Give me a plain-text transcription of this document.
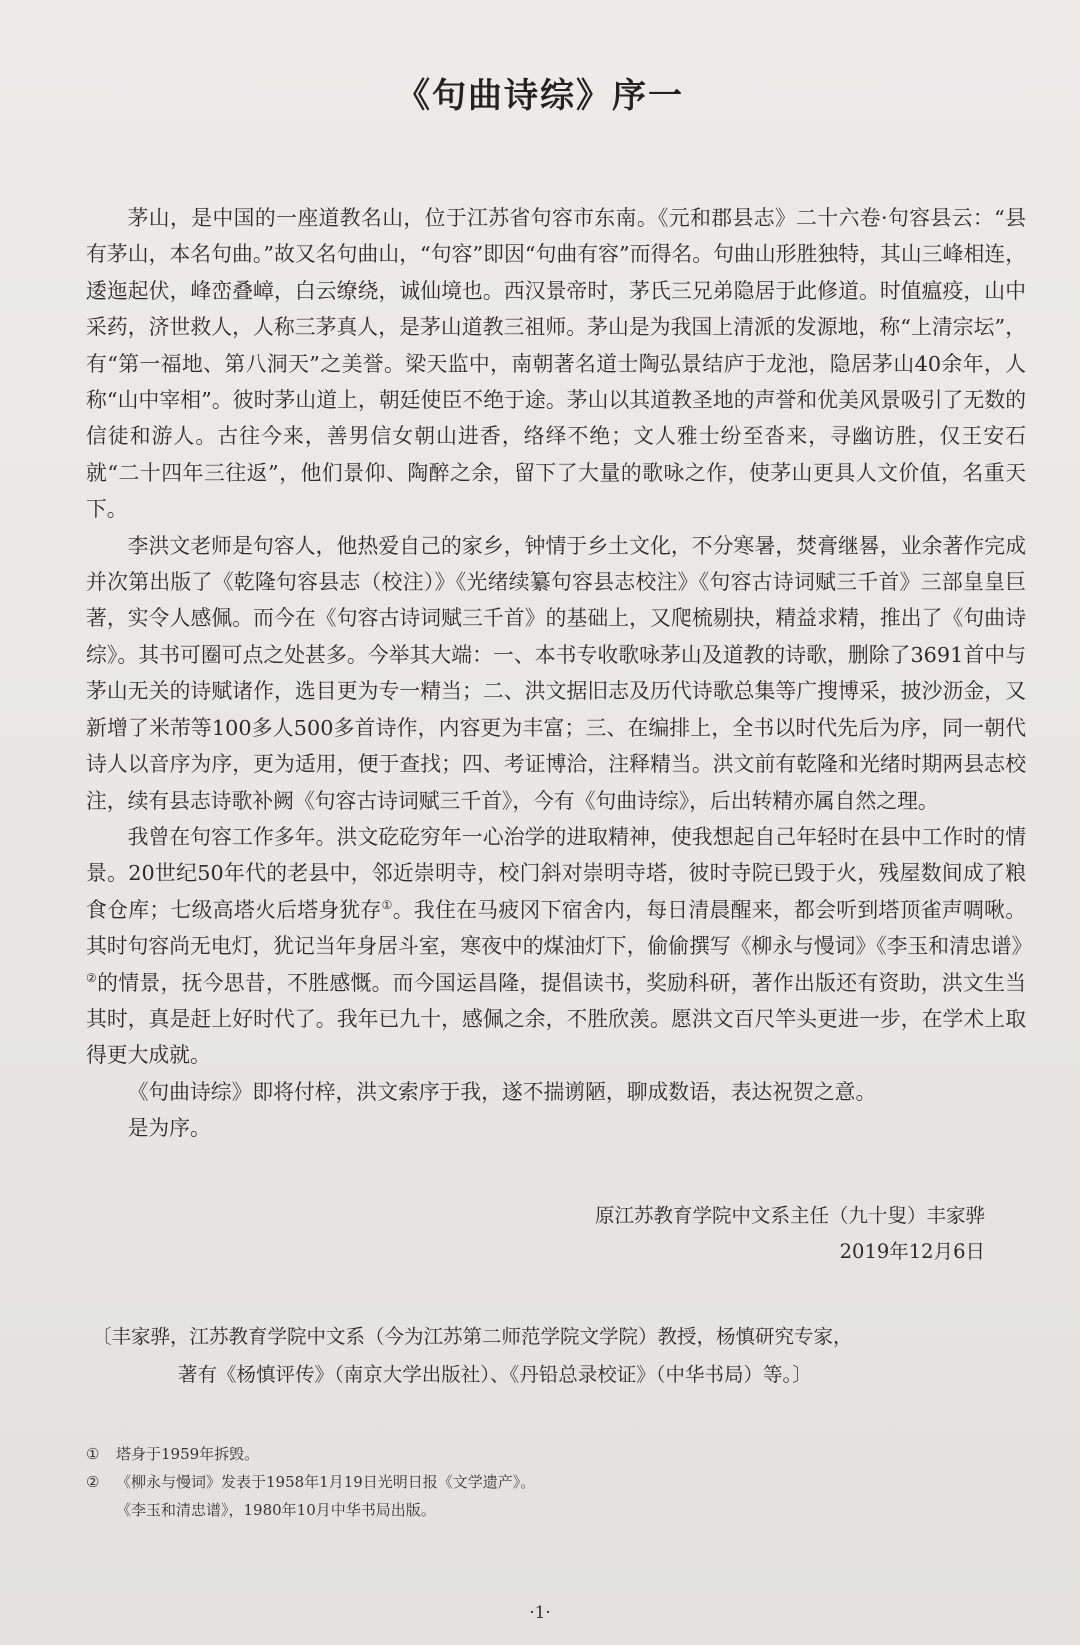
《句曲诗综》序一

茅山，是中国的一座道教名山，位于江苏省句容市东南。《元和郡县志》二十六卷·句容县云：“县有茅山，本名句曲。”故又名句曲山，“句容”即因“句曲有容”而得名。句曲山形胜独特，其山三峰相连，逶迤起伏，峰峦叠嶂，白云缭绕，诚仙境也。西汉景帝时，茅氏三兄弟隐居于此修道。时值瘟疫，山中采药，济世救人，人称三茅真人，是茅山道教三祖师。茅山是为我国上清派的发源地，称“上清宗坛”，有“第一福地、第八洞天”之美誉。梁天监中，南朝著名道士陶弘景结庐于龙池，隐居茅山40余年，人称“山中宰相”。彼时茅山道上，朝廷使臣不绝于途。茅山以其道教圣地的声誉和优美风景吸引了无数的信徒和游人。古往今来，善男信女朝山进香，络绎不绝；文人雅士纷至沓来，寻幽访胜，仅王安石就“二十四年三往返”，他们景仰、陶醉之余，留下了大量的歌咏之作，使茅山更具人文价值，名重天下。

李洪文老师是句容人，他热爱自己的家乡，钟情于乡土文化，不分寒暑，焚膏继晷，业余著作完成并次第出版了《乾隆句容县志（校注）》《光绪续纂句容县志校注》《句容古诗词赋三千首》三部皇皇巨著，实令人感佩。而今在《句容古诗词赋三千首》的基础上，又爬梳剔抉，精益求精，推出了《句曲诗综》。其书可圈可点之处甚多。今举其大端：一、本书专收歌咏茅山及道教的诗歌，删除了3691首中与茅山无关的诗赋诸作，选目更为专一精当；二、洪文据旧志及历代诗歌总集等广搜博采，披沙沥金，又新增了米芾等100多人500多首诗作，内容更为丰富；三、在编排上，全书以时代先后为序，同一朝代诗人以音序为序，更为适用，便于查找；四、考证博洽，注释精当。洪文前有乾隆和光绪时期两县志校注，续有县志诗歌补阙《句容古诗词赋三千首》，今有《句曲诗综》，后出转精亦属自然之理。

我曾在句容工作多年。洪文矻矻穷年一心治学的进取精神，使我想起自己年轻时在县中工作时的情景。20世纪50年代的老县中，邻近崇明寺，校门斜对崇明寺塔，彼时寺院已毁于火，残屋数间成了粮食仓库；七级高塔火后塔身犹存①。我住在马疲冈下宿舍内，每日清晨醒来，都会听到塔顶雀声啁啾。其时句容尚无电灯，犹记当年身居斗室，寒夜中的煤油灯下，偷偷撰写《柳永与慢词》《李玉和清忠谱》②的情景，抚今思昔，不胜感慨。而今国运昌隆，提倡读书，奖励科研，著作出版还有资助，洪文生当其时，真是赶上好时代了。我年已九十，感佩之余，不胜欣羡。愿洪文百尺竿头更进一步，在学术上取得更大成就。

《句曲诗综》即将付梓，洪文索序于我，遂不揣谫陋，聊成数语，表达祝贺之意。

是为序。

原江苏教育学院中文系主任（九十叟）丰家骅
2019年12月6日
〔丰家骅，江苏教育学院中文系（今为江苏第二师范学院文学院）教授，杨慎研究专家，
著有《杨慎评传》（南京大学出版社）、《丹铅总录校证》（中华书局）等。〕
①	塔身于1959年拆毁。
②	《柳永与慢词》发表于1958年1月19日光明日报《文学遗产》。
《李玉和清忠谱》，1980年10月中华书局出版。
·1·
